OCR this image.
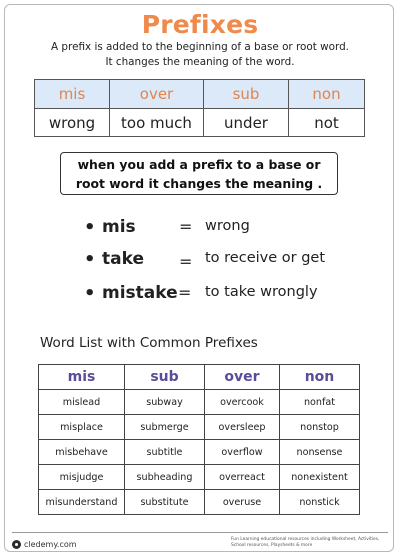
Prefixes
A prefix is added to the beginning of a base or root word. It changes the meaning of the word.
mis	over	sub	non
wrong	too much	under	not
when you add a prefix to a base or root word it changes the meaning .
• mis	= wrong
• take = to receive or get
• mistake = to take wrongly
Word List with Common Prefixes
mis	sub	over	non
mislead	subway	overcook	nonfat
misplace	submerge	oversleep	nonstop
misbehave	subtitle	overflow	nonsense
misjudge	subheading	overreact	nonexistent
misunderstand	substitute	overuse	nonstick
cledemy.com	Fun Learning educational resources including Worksheet, Activities, School resources, Playsheets & more
